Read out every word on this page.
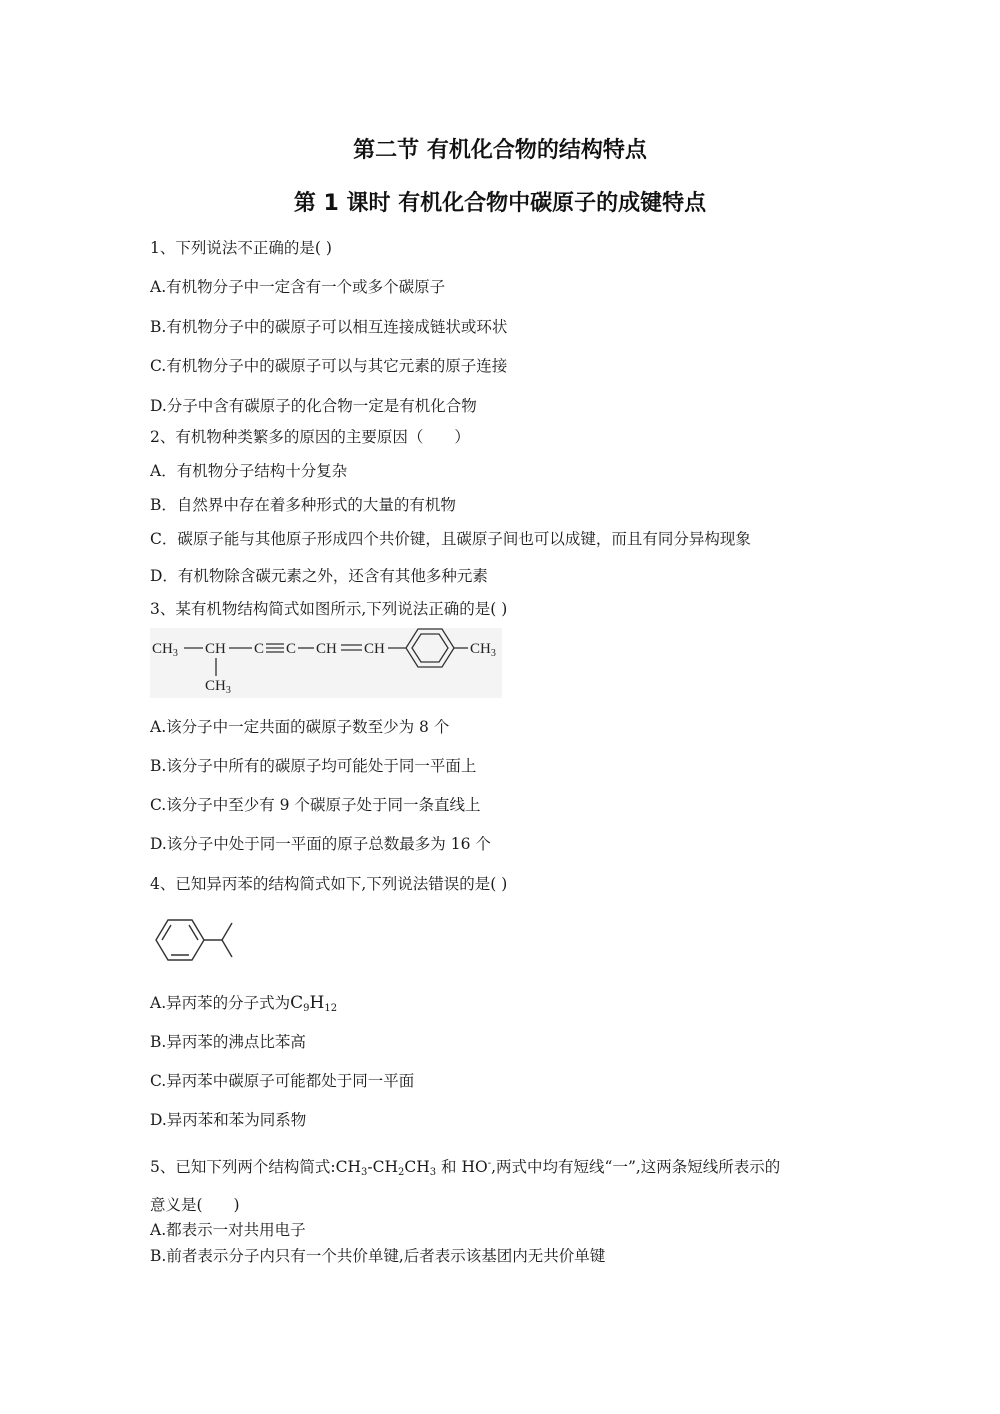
第二节 有机化合物的结构特点
第 1 课时 有机化合物中碳原子的成键特点
1、下列说法不正确的是( )
A.有机物分子中一定含有一个或多个碳原子
B.有机物分子中的碳原子可以相互连接成链状或环状
C.有机物分子中的碳原子可以与其它元素的原子连接
D.分子中含有碳原子的化合物一定是有机化合物
2、有机物种类繁多的原因的主要原因（　　）
A．有机物分子结构十分复杂
B．自然界中存在着多种形式的大量的有机物
C．碳原子能与其他原子形成四个共价键，且碳原子间也可以成键，而且有同分异构现象
D．有机物除含碳元素之外，还含有其他多种元素
3、某有机物结构简式如图所示,下列说法正确的是( )
$CH_3$ CH C C CH CH	$CH_3$
$CH_3$
A.该分子中一定共面的碳原子数至少为 8 个
B.该分子中所有的碳原子均可能处于同一平面上
C.该分子中至少有 9 个碳原子处于同一条直线上
D.该分子中处于同一平面的原子总数最多为 16 个
4、已知异丙苯的结构简式如下,下列说法错误的是( )
A.异丙苯的分子式为$C_9H_{12}$
B.异丙苯的沸点比苯高
C.异丙苯中碳原子可能都处于同一平面
D.异丙苯和苯为同系物
5、已知下列两个结构简式$:CH_3-CH_2CH_3$ 和 HO-,两式中均有短线“一”,这两条短线所表示的
意义是(　　)
A.都表示一对共用电子
B.前者表示分子内只有一个共价单键,后者表示该基团内无共价单键
